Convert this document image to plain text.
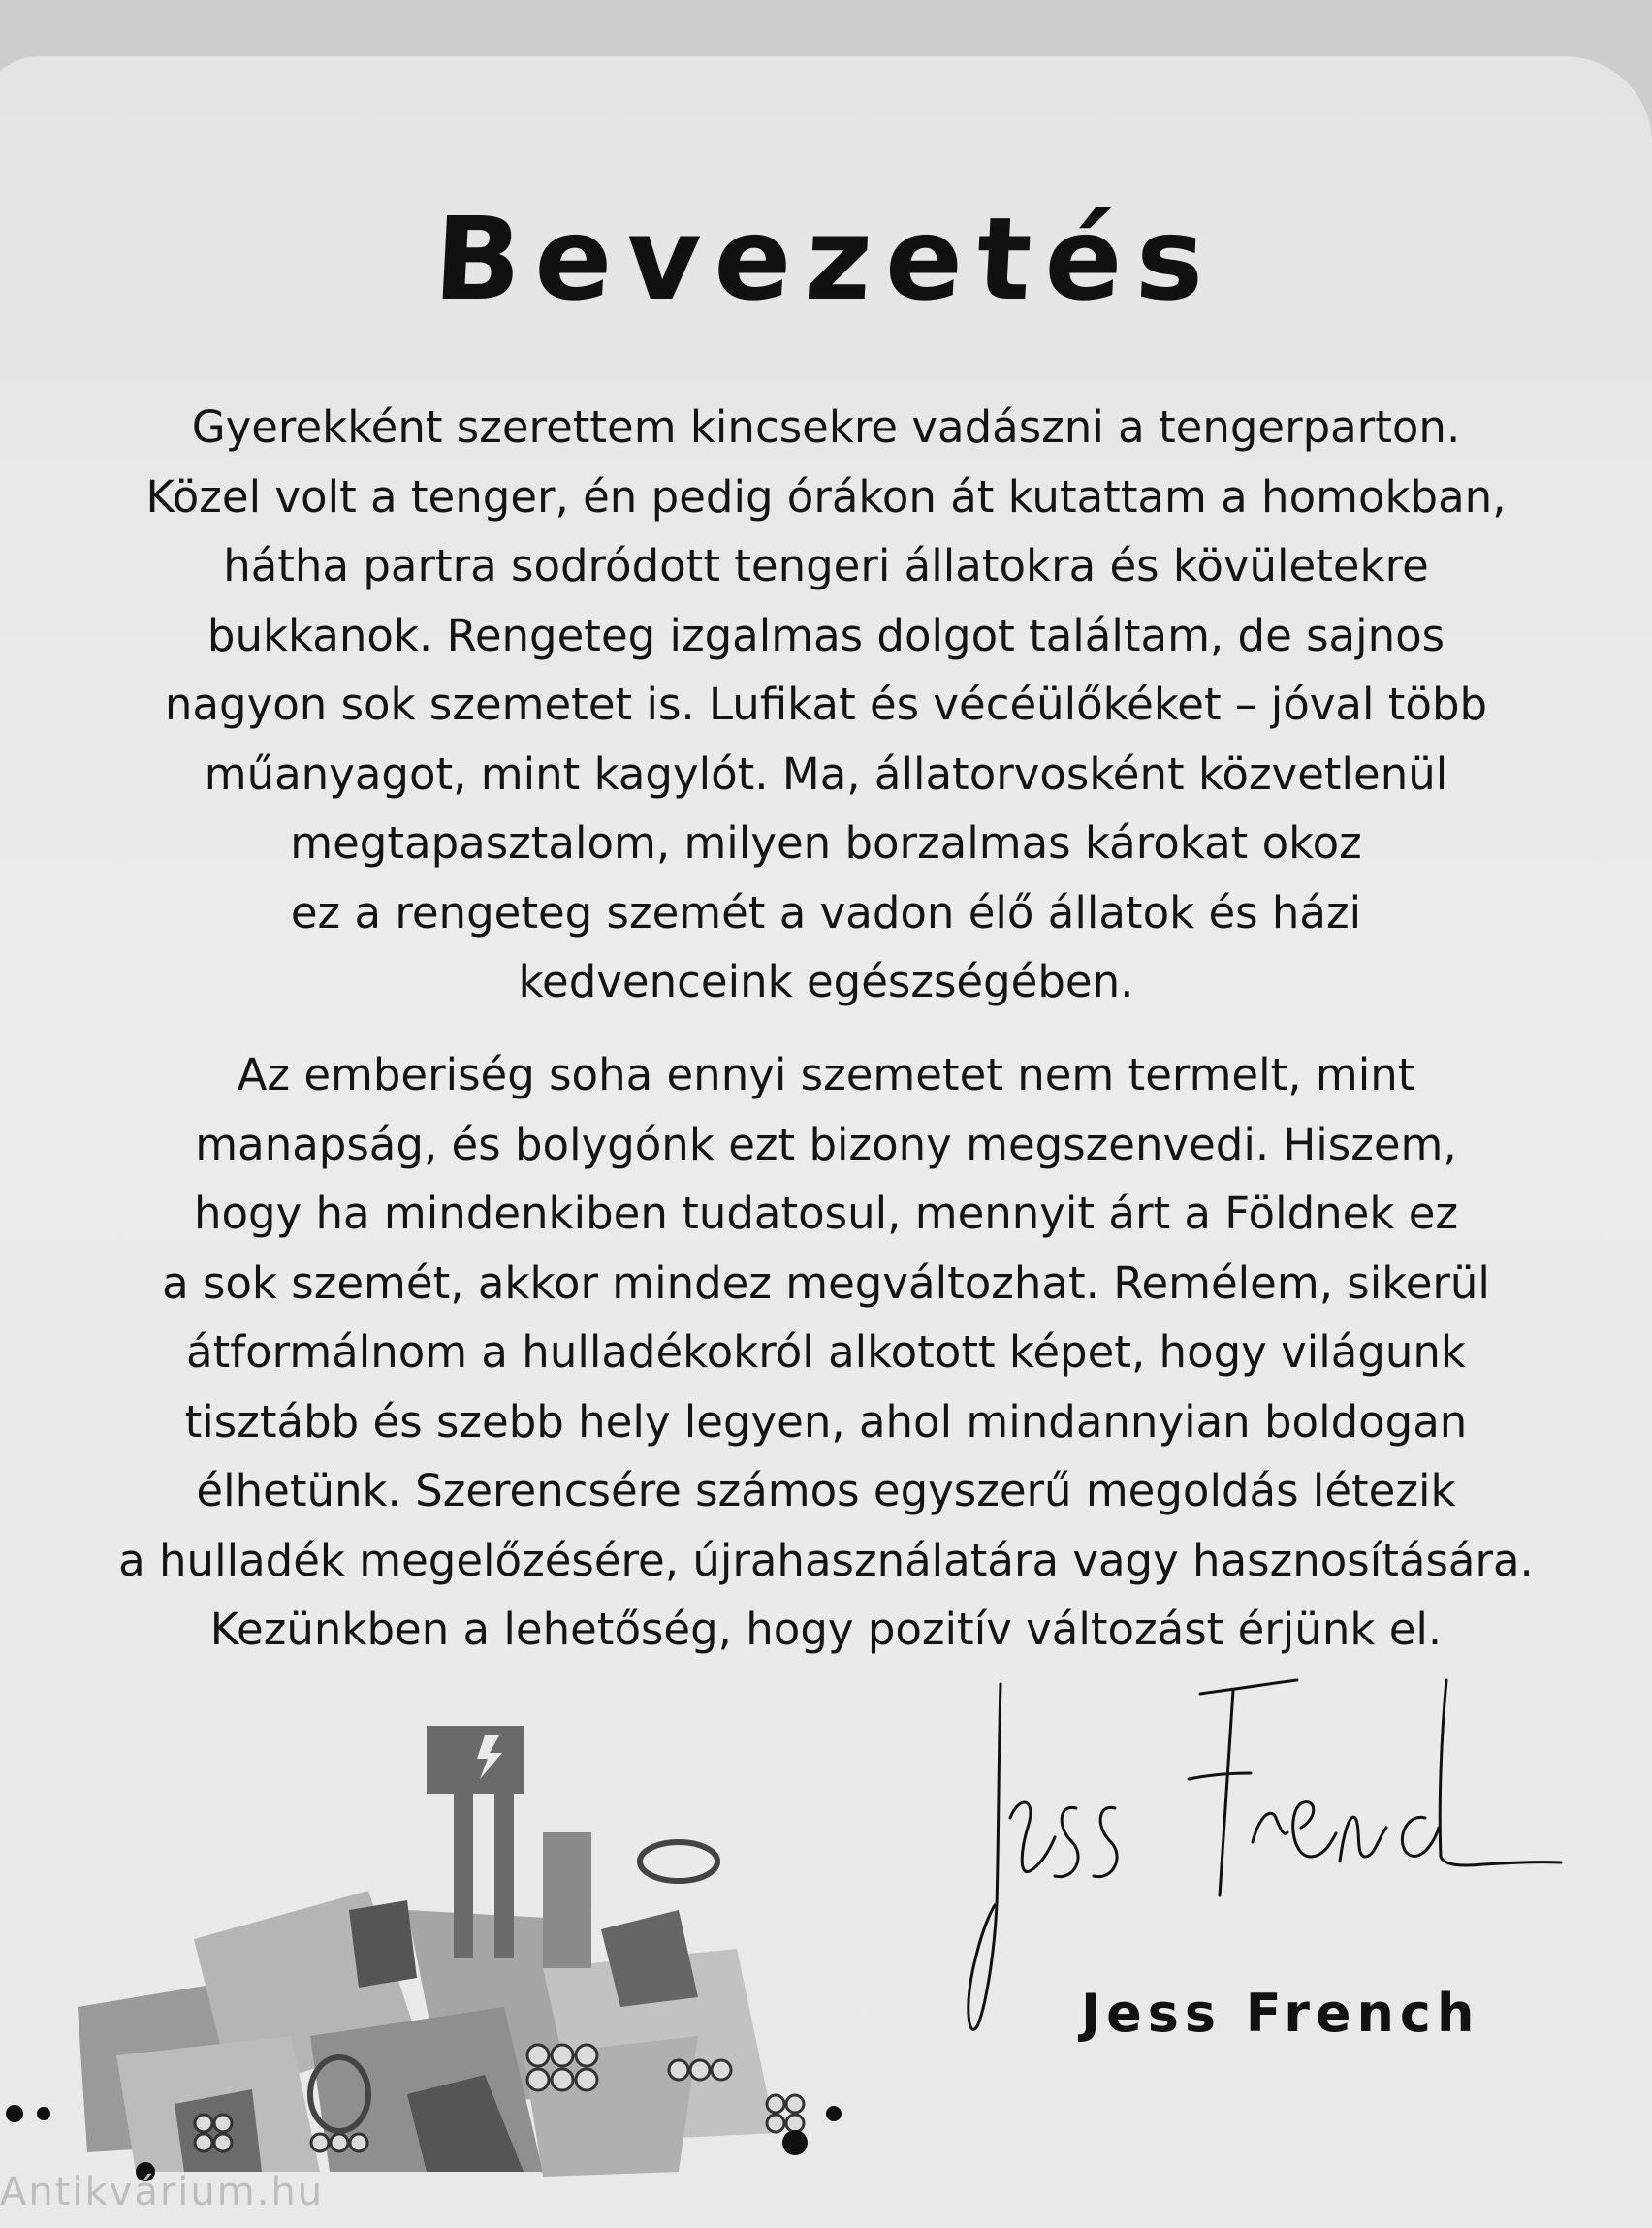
Bevezetés
Gyerekként szerettem kincsekre vadászni a tengerparton.
Közel volt a tenger, én pedig órákon át kutattam a homokban,
hátha partra sodródott tengeri állatokra és kövületekre
bukkanok. Rengeteg izgalmas dolgot találtam, de sajnos
nagyon sok szemetet is. Lufikat és vécéülőkéket – jóval több
műanyagot, mint kagylót. Ma, állatorvosként közvetlenül
megtapasztalom, milyen borzalmas károkat okoz
ez a rengeteg szemét a vadon élő állatok és házi
kedvenceink egészségében.
Az emberiség soha ennyi szemetet nem termelt, mint
manapság, és bolygónk ezt bizony megszenvedi. Hiszem,
hogy ha mindenkiben tudatosul, mennyit árt a Földnek ez
a sok szemét, akkor mindez megváltozhat. Remélem, sikerül
átformálnom a hulladékokról alkotott képet, hogy világunk
tisztább és szebb hely legyen, ahol mindannyian boldogan
élhetünk. Szerencsére számos egyszerű megoldás létezik
a hulladék megelőzésére, újrahasználatára vagy hasznosítására.
Kezünkben a lehetőség, hogy pozitív változást érjünk el.

Jess French

Antikvárium.hu
